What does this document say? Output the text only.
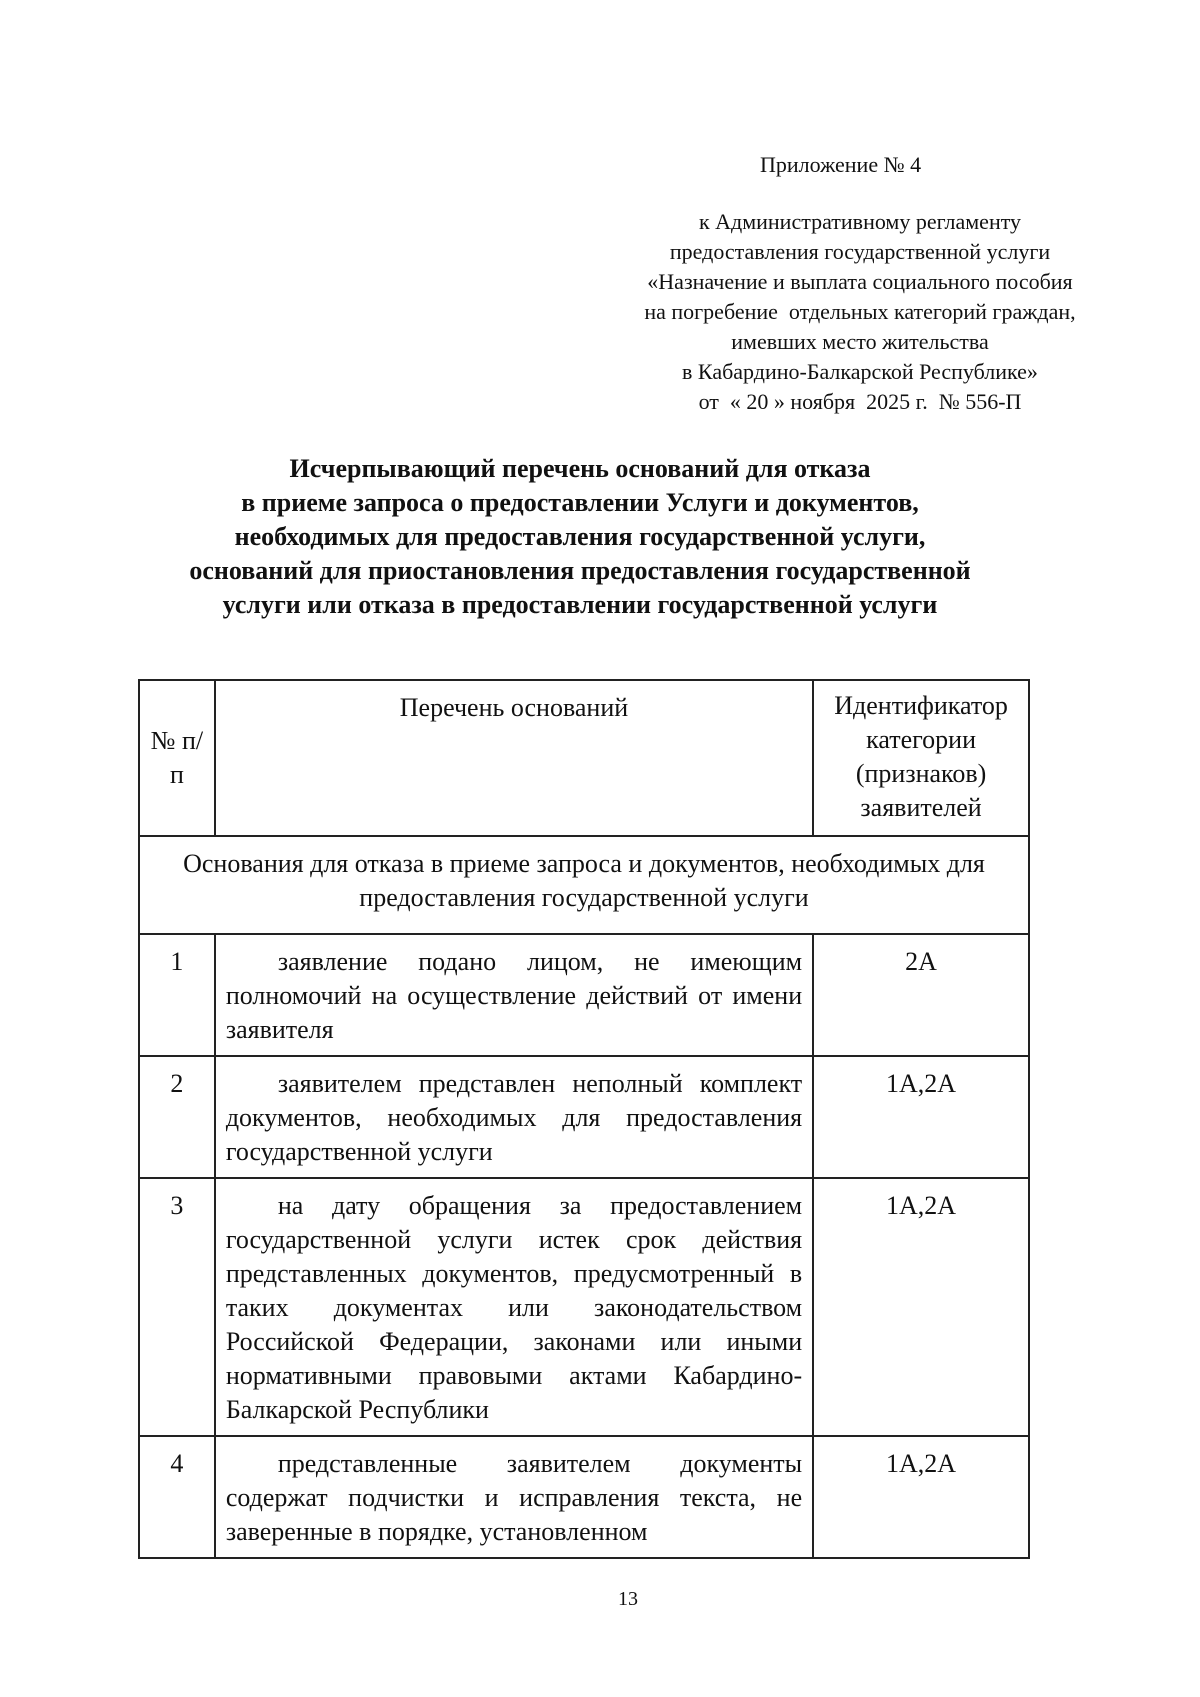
Приложение № 4
к Административному регламенту
предоставления государственной услуги
«Назначение и выплата социального пособия
на погребение  отдельных категорий граждан,
имевших место жительства
в Кабардино-Балкарской Республике»
от  « 20 » ноября  2025 г.  № 556-П
Исчерпывающий перечень оснований для отказа
в приеме запроса о предоставлении Услуги и документов,
необходимых для предоставления государственной услуги,
оснований для приостановления предоставления государственной
услуги или отказа в предоставлении государственной услуги
№ п/п	Перечень оснований	Идентификатор категории (признаков) заявителей
Основания для отказа в приеме запроса и документов, необходимых для предоставления государственной услуги		
1	заявление подано лицом, не имеющим полномочий на осуществление действий от имени заявителя	2А
2	заявителем представлен неполный комплект документов, необходимых для предоставления государственной услуги	1А,2А
3	на дату обращения за предоставлением государственной услуги истек срок действия представленных документов, предусмотренный в таких документах или законодательством Российской Федерации, законами или иными нормативными правовыми актами Кабардино-Балкарской Республики	1А,2А
4	представленные заявителем документы содержат подчистки и исправления текста, не заверенные в порядке, установленном	1А,2А
13
